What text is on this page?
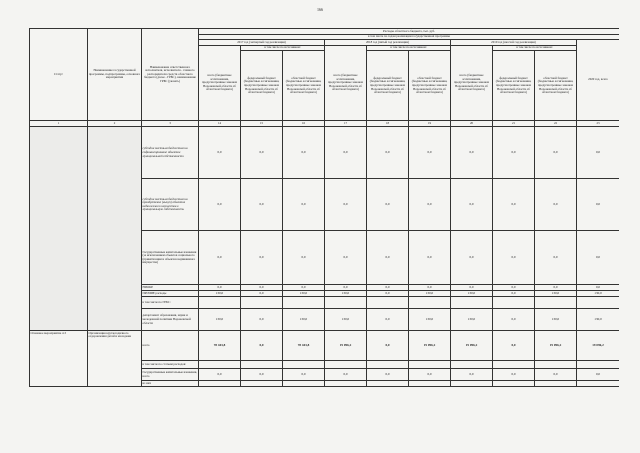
166
Статус	Наименование государственной программы, подпрограммы, основного мероприятия	Наименование ответственного исполнителя, исполнителя - главного распорядителя средств областного бюджета (далее - ГРБС), наименование ГРБС (указать)	Расходы областного бюджета, тыс. руб.									
			в том числе по годам реализации государственной программы									
			2017 год (четвертый год реализации)			2018 год (пятый год реализации)			2019 год (шестой год реализации)			2020 год, всего
			всего (бюджетные ассигнования, предусмотренные законом Воронежской области об областном бюджете)	в том числе по источникам:		всего (бюджетные ассигнования, предусмотренные законом Воронежской области об областном бюджете)	в том числе по источникам:		всего (бюджетные ассигнования, предусмотренные законом Воронежской области об областном бюджете)	в том числе по источникам:		
				федеральный бюджет (бюджетные ассигнования, предусмотренные законом Воронежской области об областном бюджете)	областной бюджет (бюджетные ассигнования, предусмотренные законом Воронежской области об областном бюджете)		федеральный бюджет (бюджетные ассигнования, предусмотренные законом Воронежской области об областном бюджете)	областной бюджет (бюджетные ассигнования, предусмотренные законом Воронежской области об областном бюджете)		федеральный бюджет (бюджетные ассигнования, предусмотренные законом Воронежской области об областном бюджете)	областной бюджет (бюджетные ассигнования, предусмотренные законом Воронежской области об областном бюджете)	
1	2	3	14	15	16	17	18	19	20	21	22	23
		субсидии местным бюджетам на софинансирование объектов муниципальной собственности	0,0	0,0	0,0	0,0	0,0	0,0	0,0	0,0	0,0	0,0
		субсидии местным бюджетам на приобретение (выкуп) объектов недвижимого имущества в муниципальную собственность	0,0	0,0	0,0	0,0	0,0	0,0	0,0	0,0	0,0	0,0
		Государственные капитальные вложения (за исключением объектов социального (приватизации и объектов недвижимого имущества)	0,0	0,0	0,0	0,0	0,0	0,0	0,0	0,0	0,0	0,0
		НИОКР	0,0	0,0	0,0	0,0	0,0	0,0	0,0	0,0	0,0	0,0
		ПРОЧИЕ расходы	130,0	0,0	130,0	130,0	0,0	130,0	130,0	0,0	130,0	130,0
		в том числе по ГРБС:										
		департамент образования, науки и молодежной политики Воронежской области	130,0	0,0	130,0	130,0	0,0	130,0	130,0	0,0	130,0	130,0
Основное мероприятие 4.3	Организация круглогодичного оздоровления детей и молодежи	всего	78 443,8	0,0	78 443,8	19 096,2	0,0	19 096,2	19 096,2	0,0	19 096,2	19 096,2
		в том числе по статьям расходов:										
		Государственные капитальные вложения, всего	0,0	0,0	0,0	0,0	0,0	0,0	0,0	0,0	0,0	0,0
		из них										
